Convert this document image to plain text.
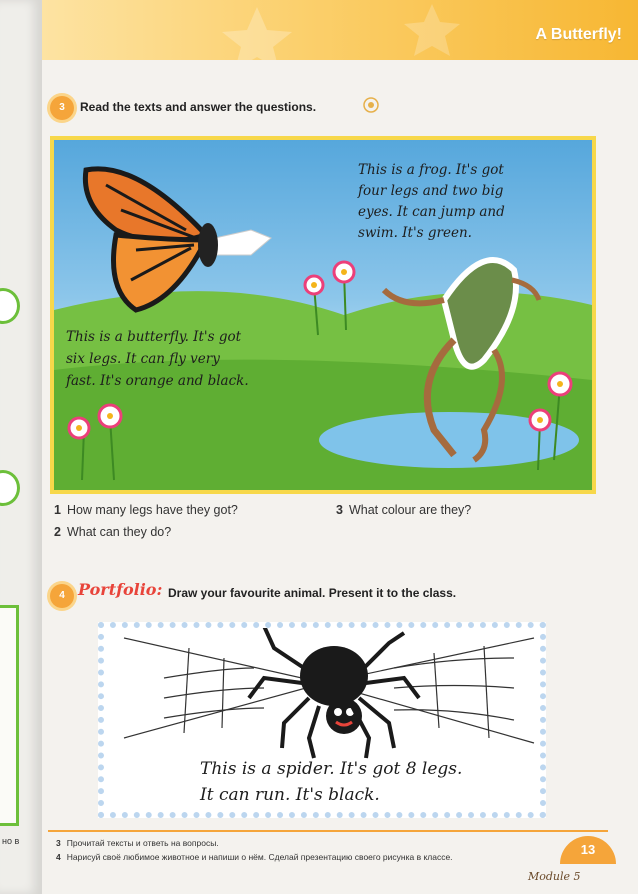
но в
A Butterfly!
3	Read the texts and answer the questions.
This is a butterfly. It's got
six legs. It can fly very
fast. It's orange and black.
This is a frog. It's got
four legs and two big
eyes. It can jump and
swim. It's green.
1 How many legs have they got?
2 What can they do?
3 What colour are they?
4 Portfolio: Draw your favourite animal. Present it to the class.
This is a spider. It's got 8 legs.
It can run. It's black.
3 Прочитай тексты и ответь на вопросы.
4 Нарисуй своё любимое животное и напиши о нём. Сделай презентацию своего рисунка в классе.	13
Module 5
